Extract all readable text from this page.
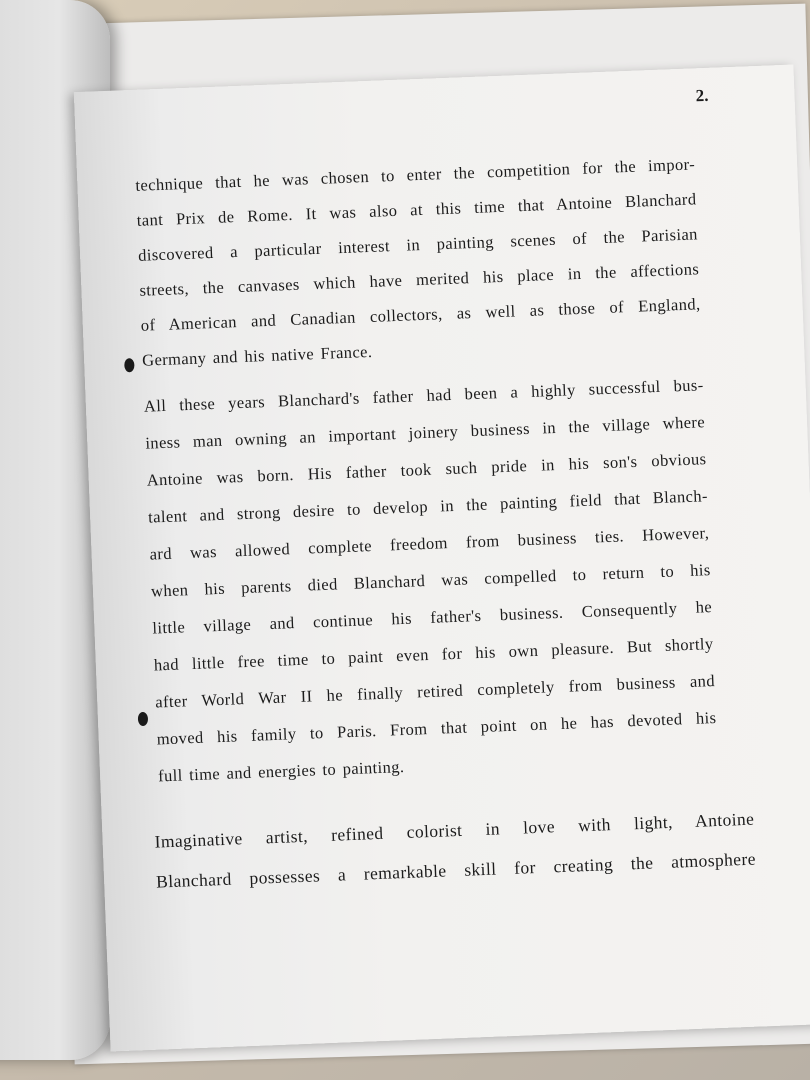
2.
technique that he was chosen to enter the competition for the impor-
tant Prix de Rome. It was also at this time that Antoine Blanchard
discovered a particular interest in painting scenes of the Parisian
streets, the canvases which have merited his place in the affections
of American and Canadian collectors, as well as those of England,
Germany and his native France.
All these years Blanchard's father had been a highly successful bus-
iness man owning an important joinery business in the village where
Antoine was born. His father took such pride in his son's obvious
talent and strong desire to develop in the painting field that Blanch-
ard was allowed complete freedom from business ties. However,
when his parents died Blanchard was compelled to return to his
little village and continue his father's business. Consequently he
had little free time to paint even for his own pleasure. But shortly
after World War II he finally retired completely from business and
moved his family to Paris. From that point on he has devoted his
full time and energies to painting.
Imaginative artist, refined colorist in love with light, Antoine
Blanchard possesses a remarkable skill for creating the atmosphere
